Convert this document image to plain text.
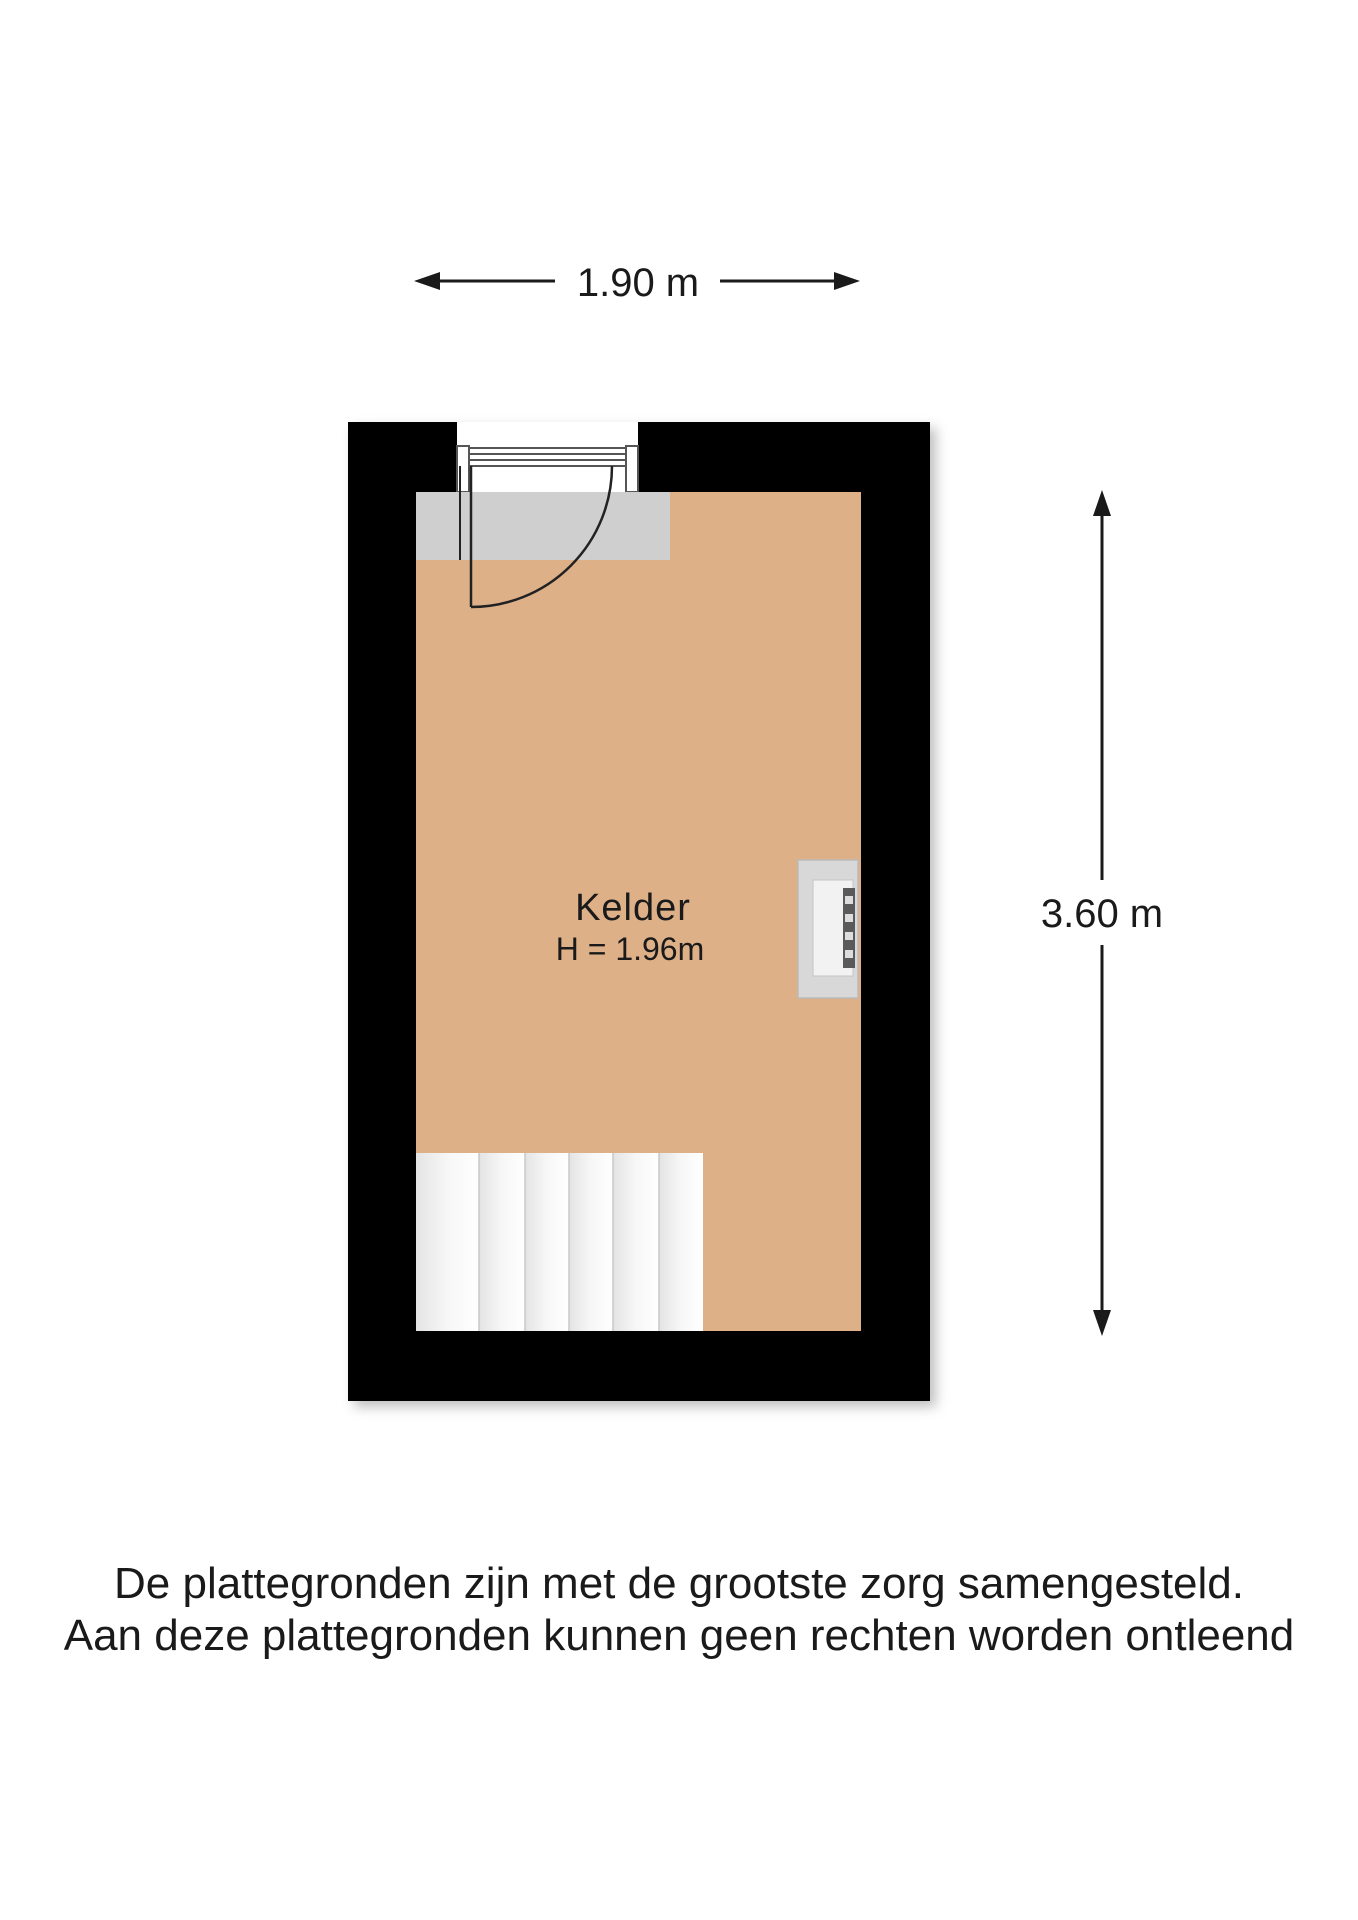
1.90 m
3.60 m
Kelder
H = 1.96m
De plattegronden zijn met de grootste zorg samengesteld.
Aan deze plattegronden kunnen geen rechten worden ontleend
